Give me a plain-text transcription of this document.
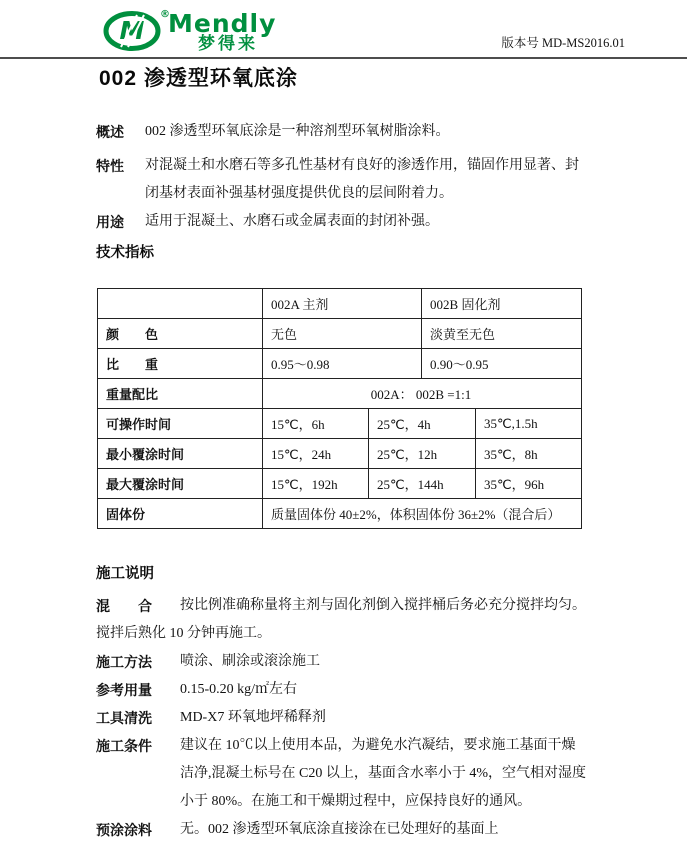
M
®
Mendly
梦得来	版本号 MD-MS2016.01
002 渗透型环氧底涂
概述	002 渗透型环氧底涂是一种溶剂型环氧树脂涂料。
特性	对混凝土和水磨石等多孔性基材有良好的渗透作用，锚固作用显著、封闭基材表面补强基材强度提供优良的层间附着力。
用途	适用于混凝土、水磨石或金属表面的封闭补强。
技术指标
	002A 主剂		002B 固化剂	
颜　　色	无色		淡黄至无色	
比　　重	0.95～0.98		0.90～0.95	
重量配比	002A： 002B =1:1			
可操作时间	15℃，6h	25℃，4h		35℃,1.5h
最小覆涂时间	15℃，24h	25℃，12h		35℃，8h
最大覆涂时间	15℃，192h	25℃，144h		35℃，96h
固体份	质量固体份 40±2%，体积固体份 36±2%（混合后）			
施工说明
混　　合	按比例准确称量将主剂与固化剂倒入搅拌桶后务必充分搅拌均匀。
搅拌后熟化 10 分钟再施工。
施工方法	喷涂、刷涂或滚涂施工
参考用量	0.15-0.20 kg/㎡左右
工具清洗	MD-X7 环氧地坪稀释剂
施工条件	建议在 10℃以上使用本品，为避免水汽凝结，要求施工基面干燥洁净,混凝土标号在 C20 以上，基面含水率小于 4%，空气相对湿度小于 80%。在施工和干燥期过程中，应保持良好的通风。
预涂涂料	无。002 渗透型环氧底涂直接涂在已处理好的基面上
